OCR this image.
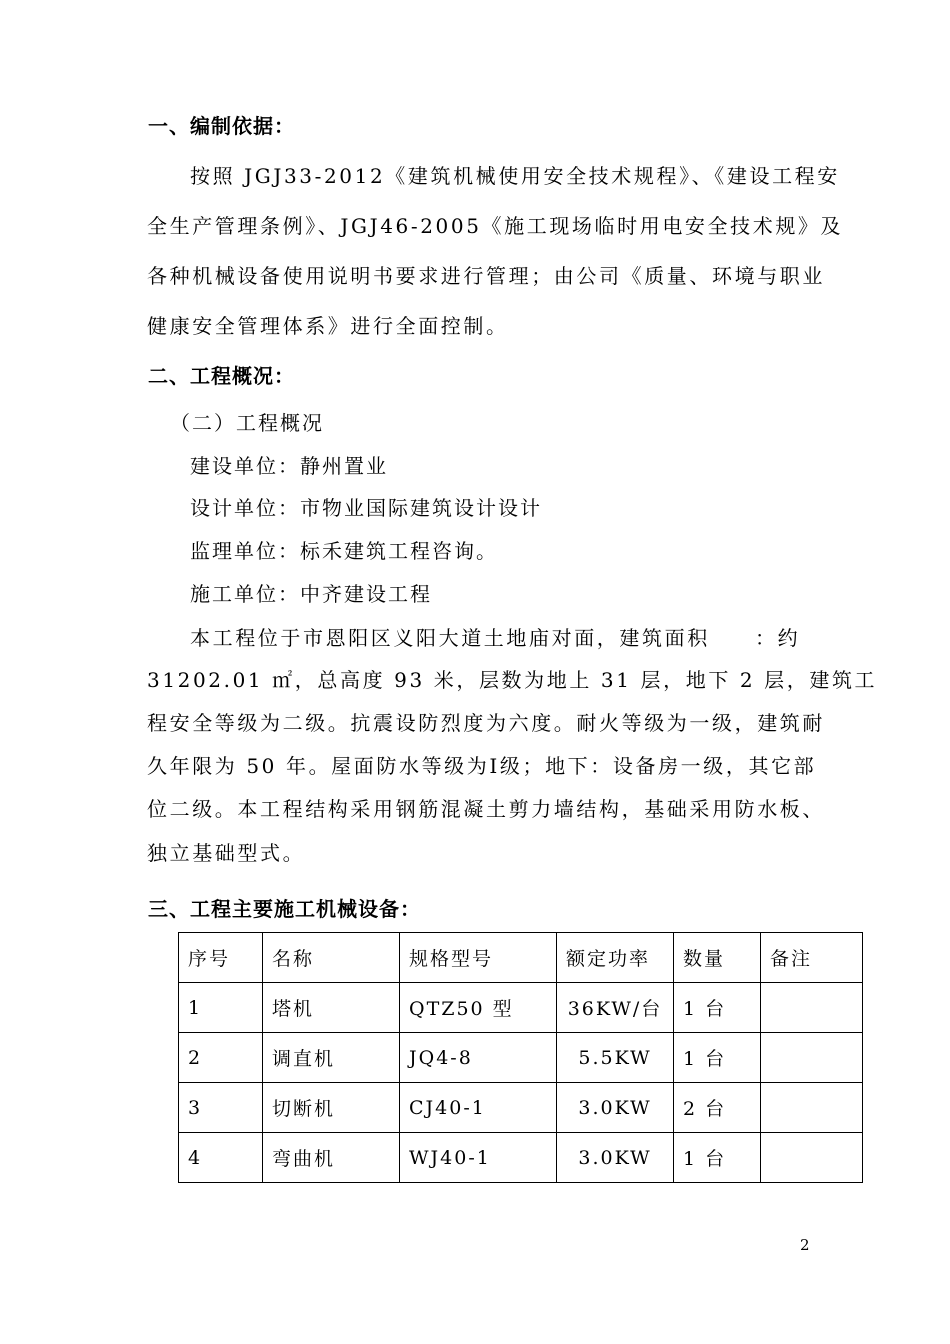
一、编制依据：
按照 JGJ33-2012《建筑机械使用安全技术规程》、《建设工程安
全生产管理条例》、JGJ46-2005《施工现场临时用电安全技术规》及
各种机械设备使用说明书要求进行管理；由公司《质量、环境与职业
健康安全管理体系》进行全面控制。
二、工程概况：
（二）工程概况
建设单位：静州置业
设计单位：市物业国际建筑设计设计
监理单位：标禾建筑工程咨询。
施工单位：中齐建设工程
本工程位于市恩阳区义阳大道土地庙对面，建筑面积　　：约
31202.01 ㎡，总高度 93 米，层数为地上 31 层，地下 2 层，建筑工
程安全等级为二级。抗震设防烈度为六度。耐火等级为一级，建筑耐
久年限为 50 年。屋面防水等级为Ⅰ级；地下：设备房一级，其它部
位二级。本工程结构采用钢筋混凝土剪力墙结构，基础采用防水板、
独立基础型式。
三、工程主要施工机械设备：
序号	名称	规格型号	额定功率	数量	备注
1	塔机	QTZ50 型	36KW/台	1 台	
2	调直机	JQ4-8	5.5KW	1 台	
3	切断机	CJ40-1	3.0KW	2 台	
4	弯曲机	WJ40-1	3.0KW	1 台	
2
